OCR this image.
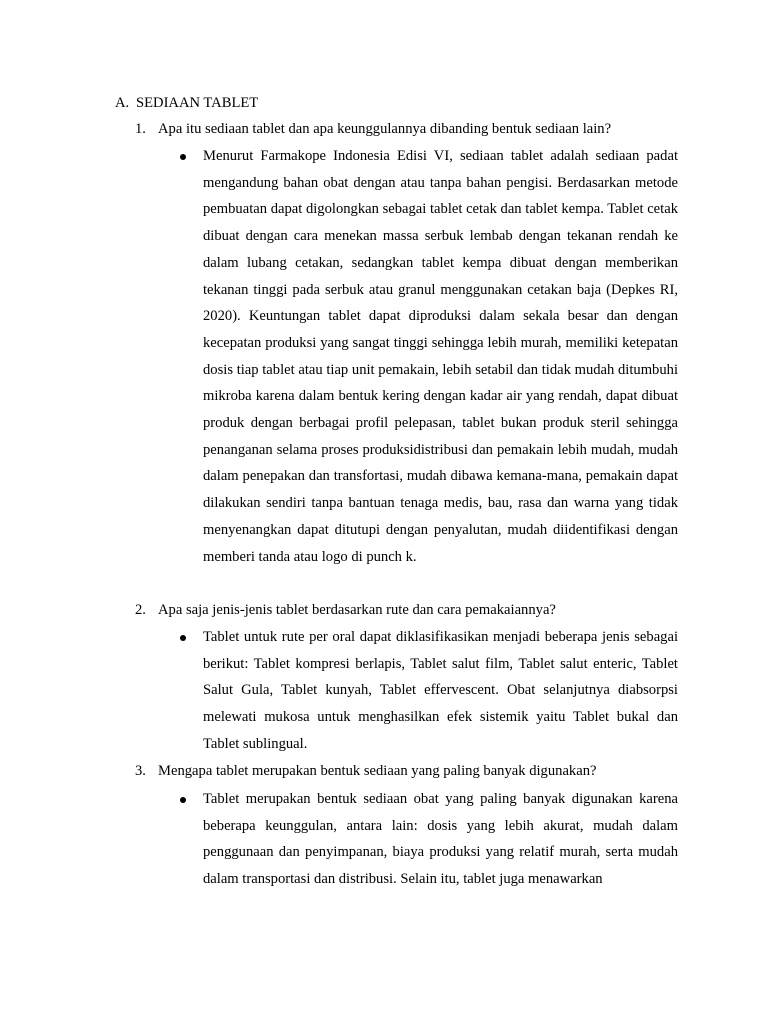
A. SEDIAAN TABLET
1. Apa itu sediaan tablet dan apa keunggulannya dibanding bentuk sediaan lain?
Menurut Farmakope Indonesia Edisi VI, sediaan tablet adalah sediaan padat mengandung bahan obat dengan atau tanpa bahan pengisi. Berdasarkan metode pembuatan dapat digolongkan sebagai tablet cetak dan tablet kempa. Tablet cetak dibuat dengan cara menekan massa serbuk lembab dengan tekanan rendah ke dalam lubang cetakan, sedangkan tablet kempa dibuat dengan memberikan tekanan tinggi pada serbuk atau granul menggunakan cetakan baja (Depkes RI, 2020). Keuntungan tablet dapat diproduksi dalam sekala besar dan dengan kecepatan produksi yang sangat tinggi sehingga lebih murah, memiliki ketepatan dosis tiap tablet atau tiap unit pemakain, lebih setabil dan tidak mudah ditumbuhi mikroba karena dalam bentuk kering dengan kadar air yang rendah, dapat dibuat produk dengan berbagai profil pelepasan, tablet bukan produk steril sehingga penanganan selama proses produksidistribusi dan pemakain lebih mudah, mudah dalam penepakan dan transfortasi, mudah dibawa kemana-mana, pemakain dapat dilakukan sendiri tanpa bantuan tenaga medis, bau, rasa dan warna yang tidak menyenangkan dapat ditutupi dengan penyalutan, mudah diidentifikasi dengan memberi tanda atau logo di punch k.
2. Apa saja jenis-jenis tablet berdasarkan rute dan cara pemakaiannya?
Tablet untuk rute per oral dapat diklasifikasikan menjadi beberapa jenis sebagai berikut: Tablet kompresi berlapis, Tablet salut film, Tablet salut enteric, Tablet Salut Gula, Tablet kunyah, Tablet effervescent. Obat selanjutnya diabsorpsi melewati mukosa untuk menghasilkan efek sistemik yaitu Tablet bukal dan Tablet sublingual.
3. Mengapa tablet merupakan bentuk sediaan yang paling banyak digunakan?
Tablet merupakan bentuk sediaan obat yang paling banyak digunakan karena beberapa keunggulan, antara lain: dosis yang lebih akurat, mudah dalam penggunaan dan penyimpanan, biaya produksi yang relatif murah, serta mudah dalam transportasi dan distribusi. Selain itu, tablet juga menawarkan
